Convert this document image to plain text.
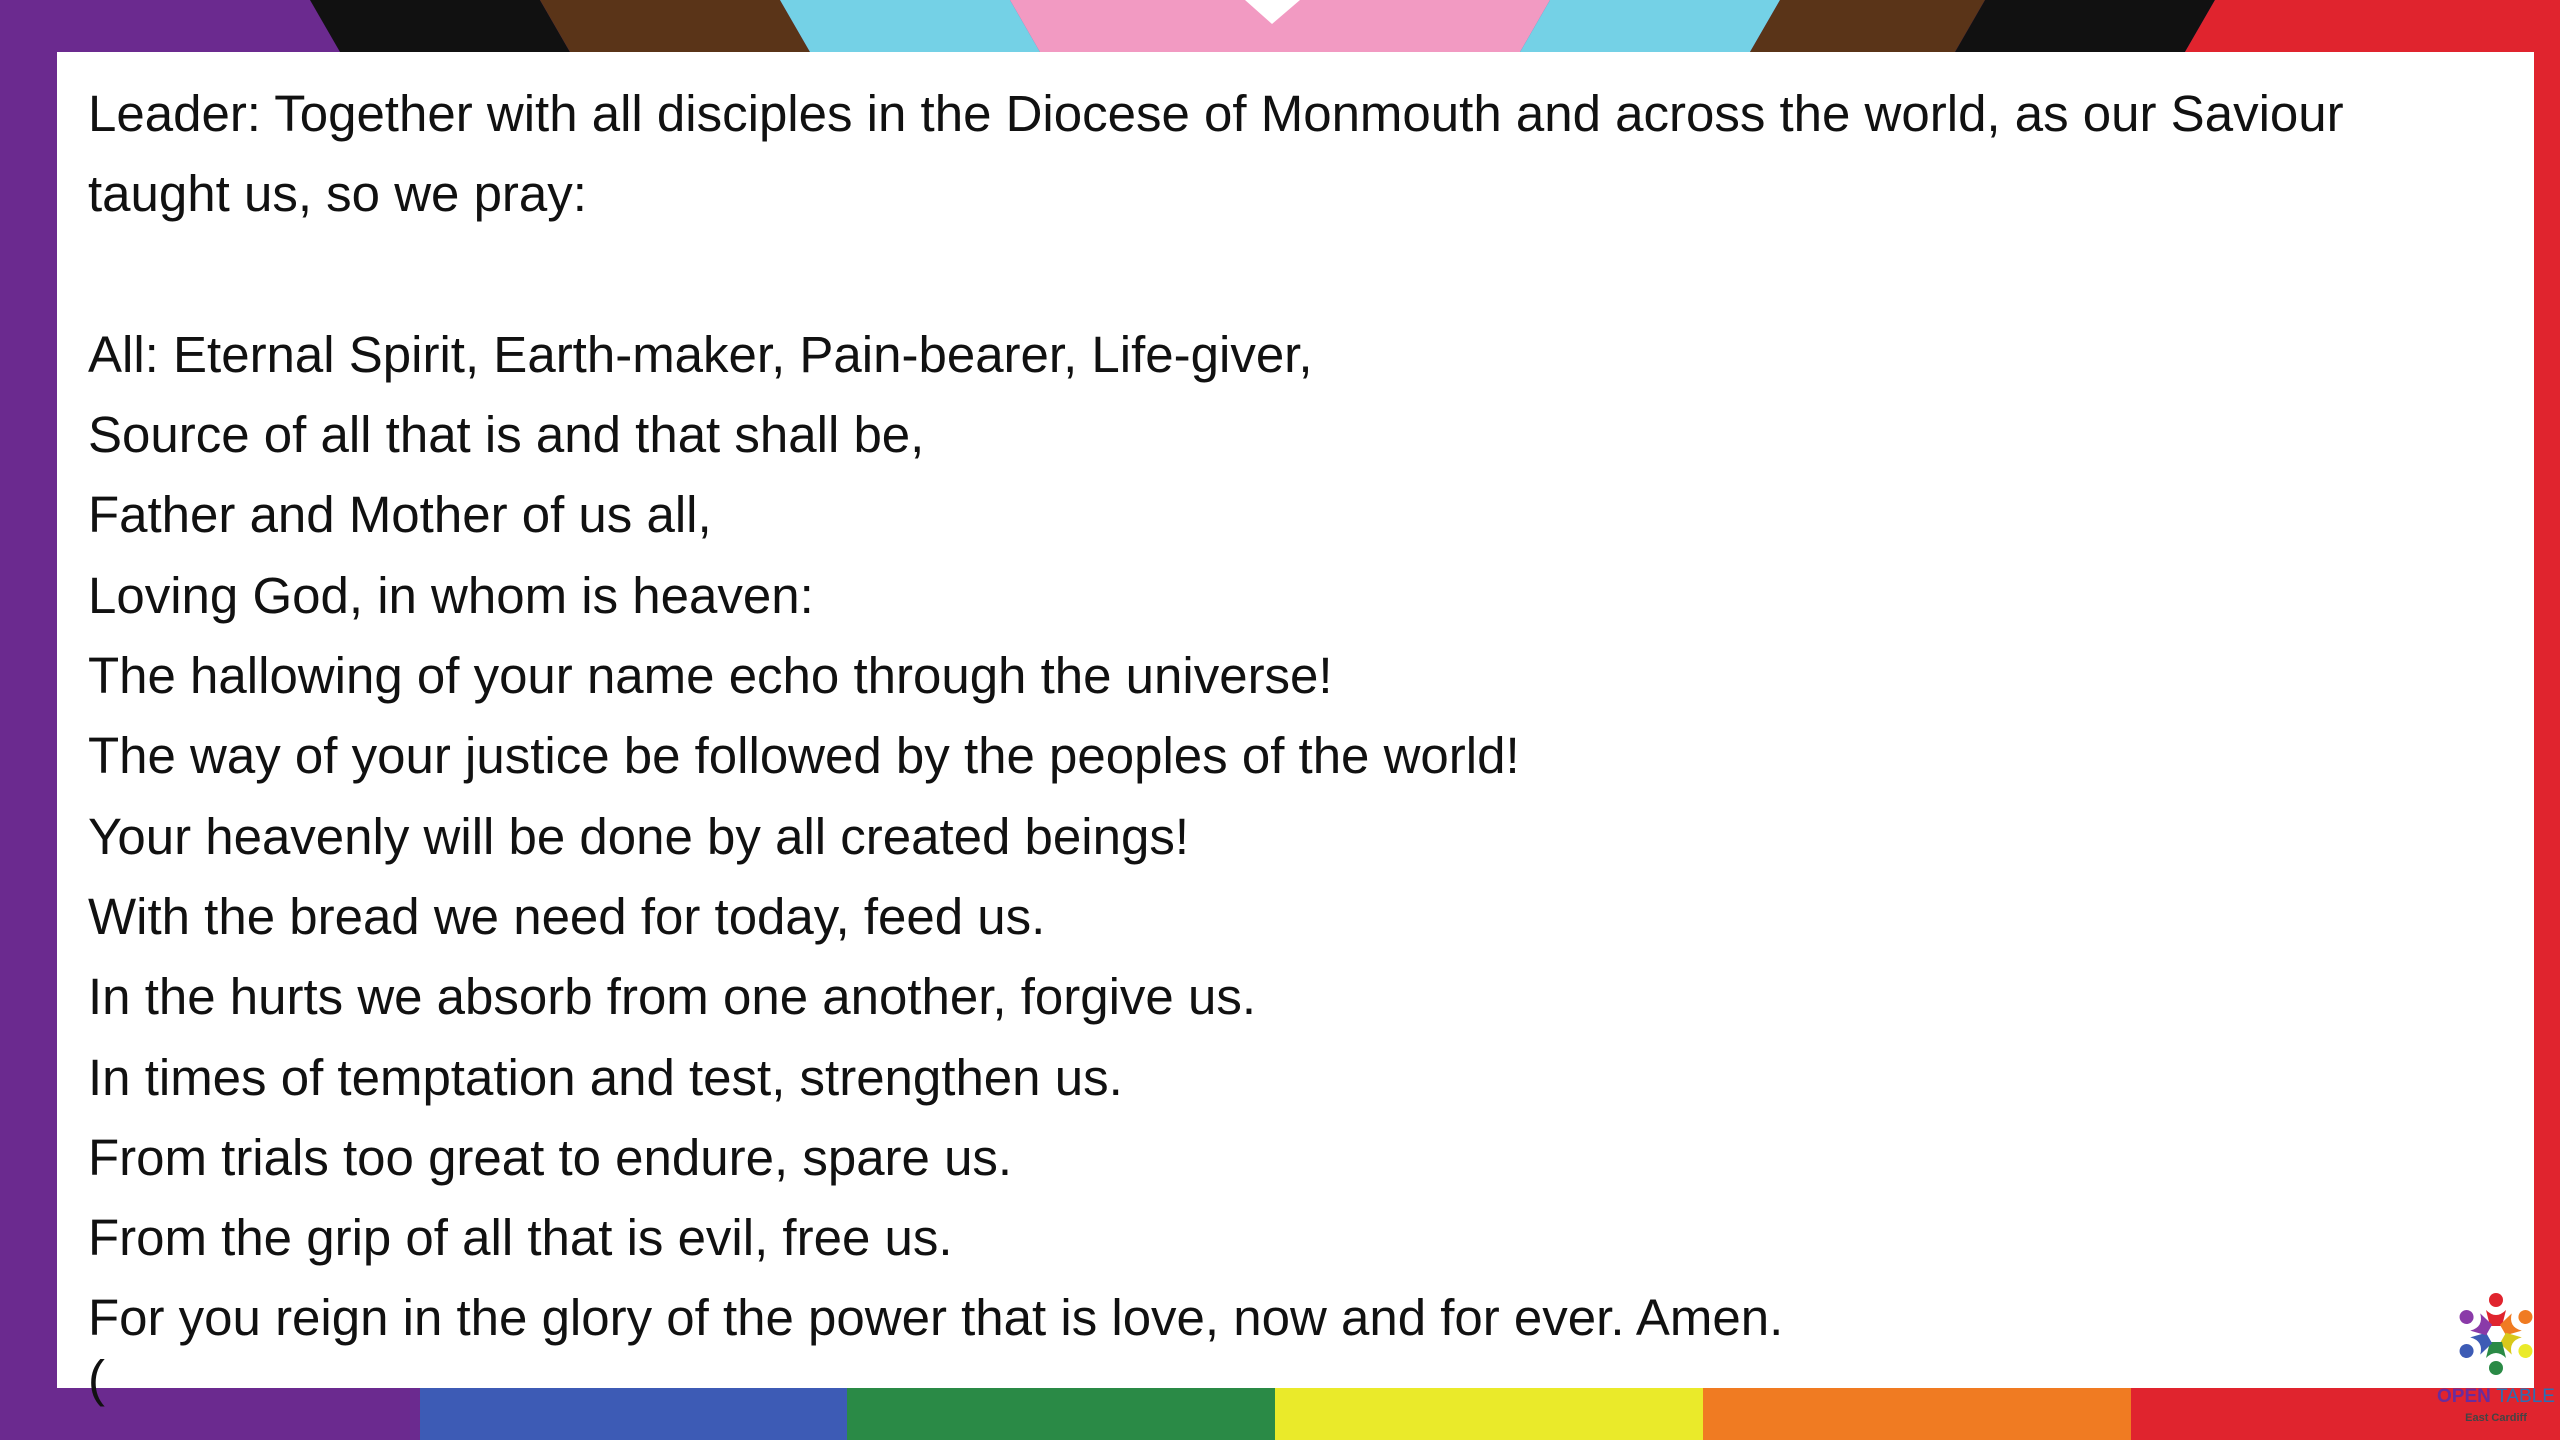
Leader: Together with all disciples in the Diocese of Monmouth and across the world, as our Saviour
taught us, so we pray:
All: Eternal Spirit, Earth-maker, Pain-bearer, Life-giver,
Source of all that is and that shall be,
Father and Mother of us all,
Loving God, in whom is heaven:
The hallowing of your name echo through the universe!
The way of your justice be followed by the peoples of the world!
Your heavenly will be done by all created beings!
With the bread we need for today, feed us.
In the hurts we absorb from one another, forgive us.
In times of temptation and test, strengthen us.
From trials too great to endure, spare us.
From the grip of all that is evil, free us.
For you reign in the glory of the power that is love, now and for ever. Amen.
(	OPEN TABLE
East Cardiff
